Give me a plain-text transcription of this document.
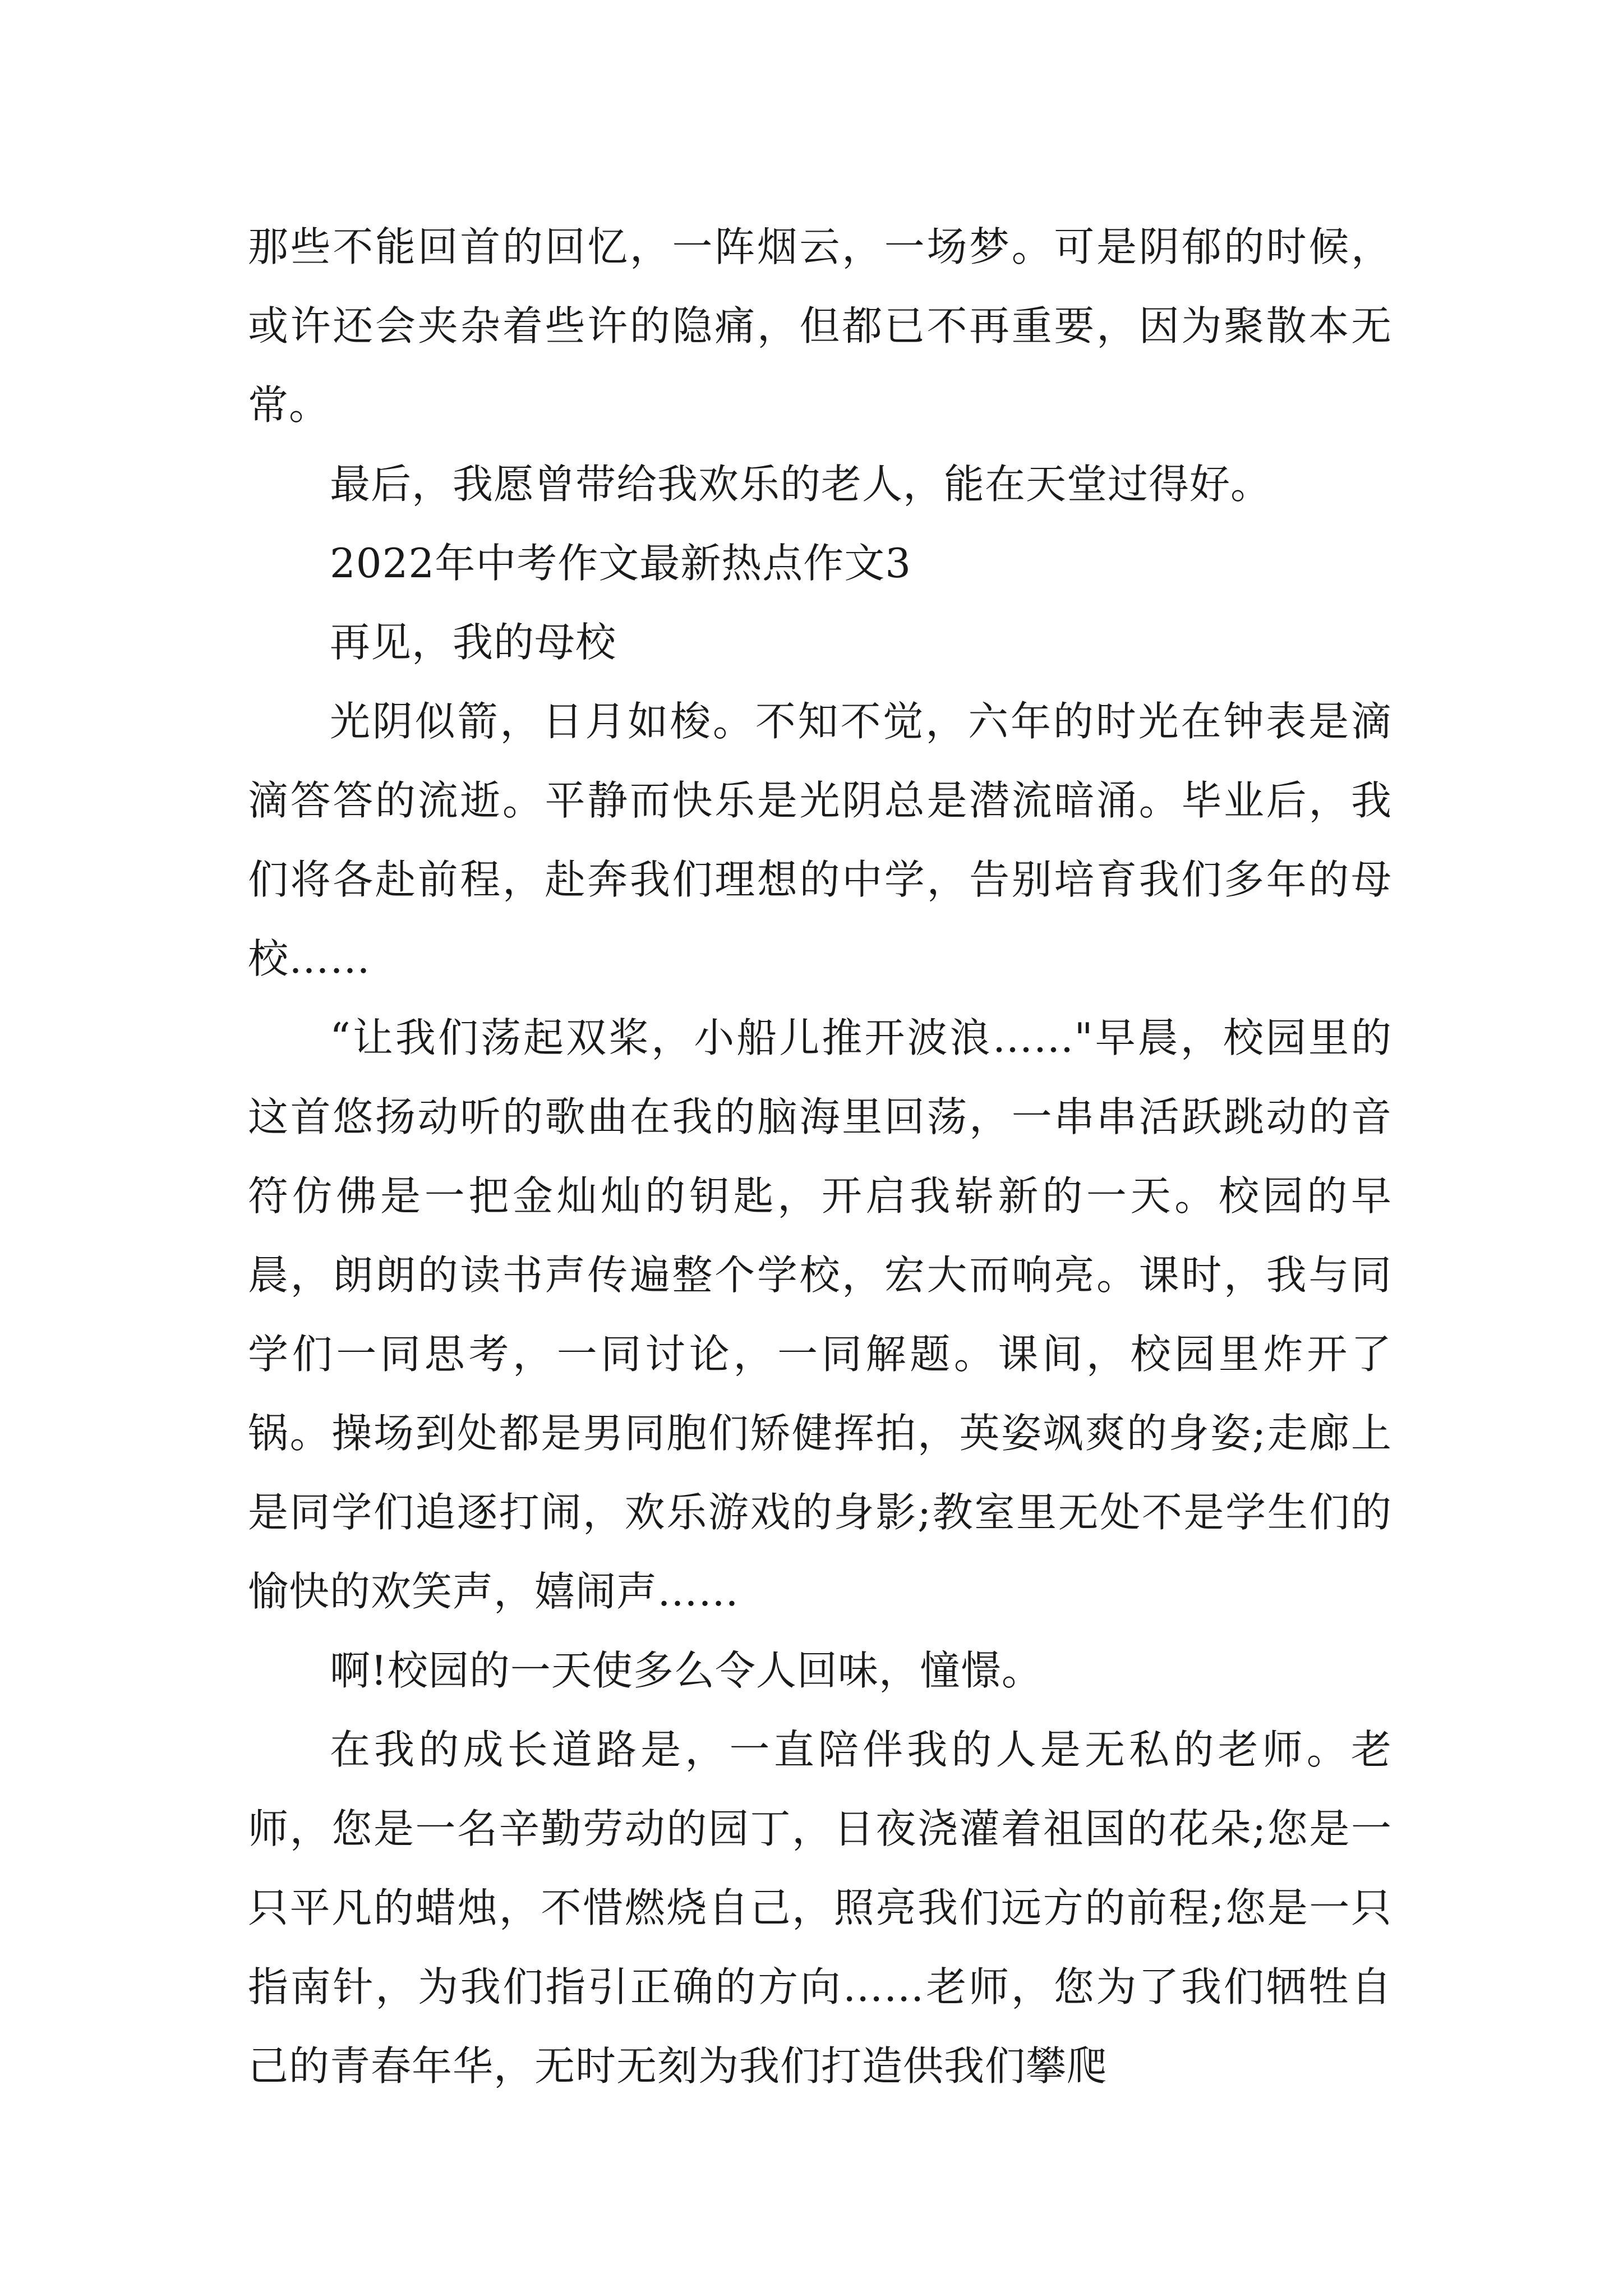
那些不能回首的回忆，一阵烟云，一场梦。可是阴郁的时候，或许还会夹杂着些许的隐痛，但都已不再重要，因为聚散本无常。

最后，我愿曾带给我欢乐的老人，能在天堂过得好。

2022年中考作文最新热点作文3

再见，我的母校

光阴似箭，日月如梭。不知不觉，六年的时光在钟表是滴滴答答的流逝。平静而快乐是光阴总是潜流暗涌。毕业后，我们将各赴前程，赴奔我们理想的中学，告别培育我们多年的母校……

“让我们荡起双桨，小船儿推开波浪……"早晨，校园里的这首悠扬动听的歌曲在我的脑海里回荡，一串串活跃跳动的音符仿佛是一把金灿灿的钥匙，开启我崭新的一天。校园的早晨，朗朗的读书声传遍整个学校，宏大而响亮。课时，我与同学们一同思考，一同讨论，一同解题。课间，校园里炸开了锅。操场到处都是男同胞们矫健挥拍，英姿飒爽的身姿;走廊上是同学们追逐打闹，欢乐游戏的身影;教室里无处不是学生们的愉快的欢笑声，嬉闹声……

啊!校园的一天使多么令人回味，憧憬。

在我的成长道路是，一直陪伴我的人是无私的老师。老师，您是一名辛勤劳动的园丁，日夜浇灌着祖国的花朵;您是一只平凡的蜡烛，不惜燃烧自己，照亮我们远方的前程;您是一只指南针，为我们指引正确的方向……老师，您为了我们牺牲自己的青春年华，无时无刻为我们打造供我们攀爬
